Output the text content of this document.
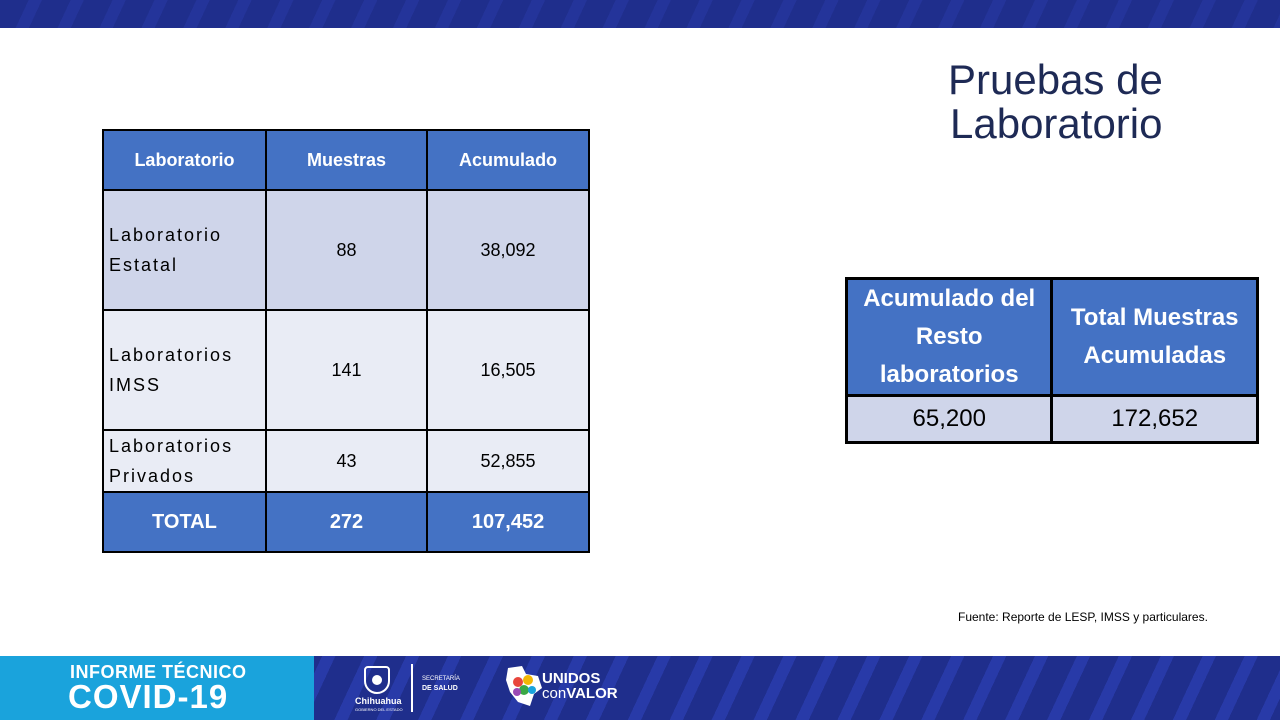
Pruebas de
Laboratorio
Laboratorio	Muestras	Acumulado
Laboratorio
Estatal	88	38,092
Laboratorios
IMSS	141	16,505
Laboratorios
Privados	43	52,855
TOTAL	272	107,452
Acumulado del
Resto
laboratorios	Total Muestras
Acumuladas
65,200	172,652
Fuente: Reporte de LESP, IMSS y particulares.
INFORME TÉCNICO
COVID-19	Chihuahua
GOBIERNO DEL ESTADO
SECRETARÍA
DE SALUD
UNIDOS
conVALOR
